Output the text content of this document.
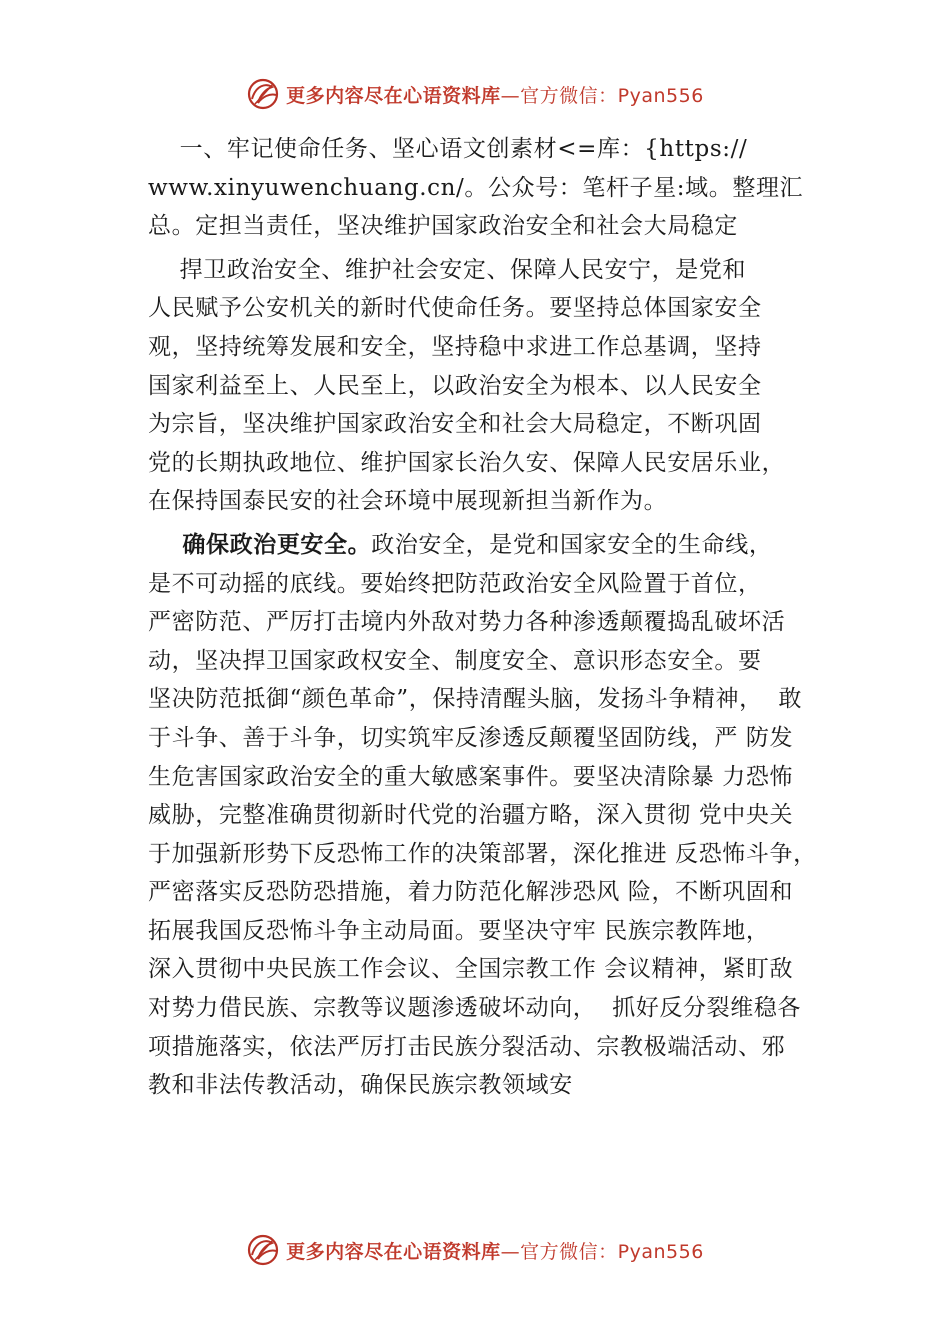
更多内容尽在心语资料库—官方微信：Pyan556
一、牢记使命任务、坚心语文创素材<=库：{https://
www.xinyuwenchuang.cn/。公众号：笔杆子星:域。整理汇
总。定担当责任，坚决维护国家政治安全和社会大局稳定
捍卫政治安全、维护社会安定、保障人民安宁，是党和
人民赋予公安机关的新时代使命任务。要坚持总体国家安全
观，坚持统筹发展和安全，坚持稳中求进工作总基调，坚持
国家利益至上、人民至上，以政治安全为根本、以人民安全
为宗旨，坚决维护国家政治安全和社会大局稳定，不断巩固
党的长期执政地位、维护国家长治久安、保障人民安居乐业，
在保持国泰民安的社会环境中展现新担当新作为。
确保政治更安全。政治安全，是党和国家安全的生命线，
是不可动摇的底线。要始终把防范政治安全风险置于首位，
严密防范、严厉打击境内外敌对势力各种渗透颠覆捣乱破坏活
动，坚决捍卫国家政权安全、制度安全、意识形态安全。要
坚决防范抵御“颜色革命”，保持清醒头脑，发扬斗争精神，  敢
于斗争、善于斗争，切实筑牢反渗透反颠覆坚固防线，严 防发
生危害国家政治安全的重大敏感案事件。要坚决清除暴 力恐怖
威胁，完整准确贯彻新时代党的治疆方略，深入贯彻 党中央关
于加强新形势下反恐怖工作的决策部署，深化推进 反恐怖斗争，
严密落实反恐防恐措施，着力防范化解涉恐风 险，不断巩固和
拓展我国反恐怖斗争主动局面。要坚决守牢 民族宗教阵地，
深入贯彻中央民族工作会议、全国宗教工作 会议精神，紧盯敌
对势力借民族、宗教等议题渗透破坏动向，  抓好反分裂维稳各
项措施落实，依法严厉打击民族分裂活动、宗教极端活动、邪
教和非法传教活动，确保民族宗教领域安
更多内容尽在心语资料库—官方微信：Pyan556
